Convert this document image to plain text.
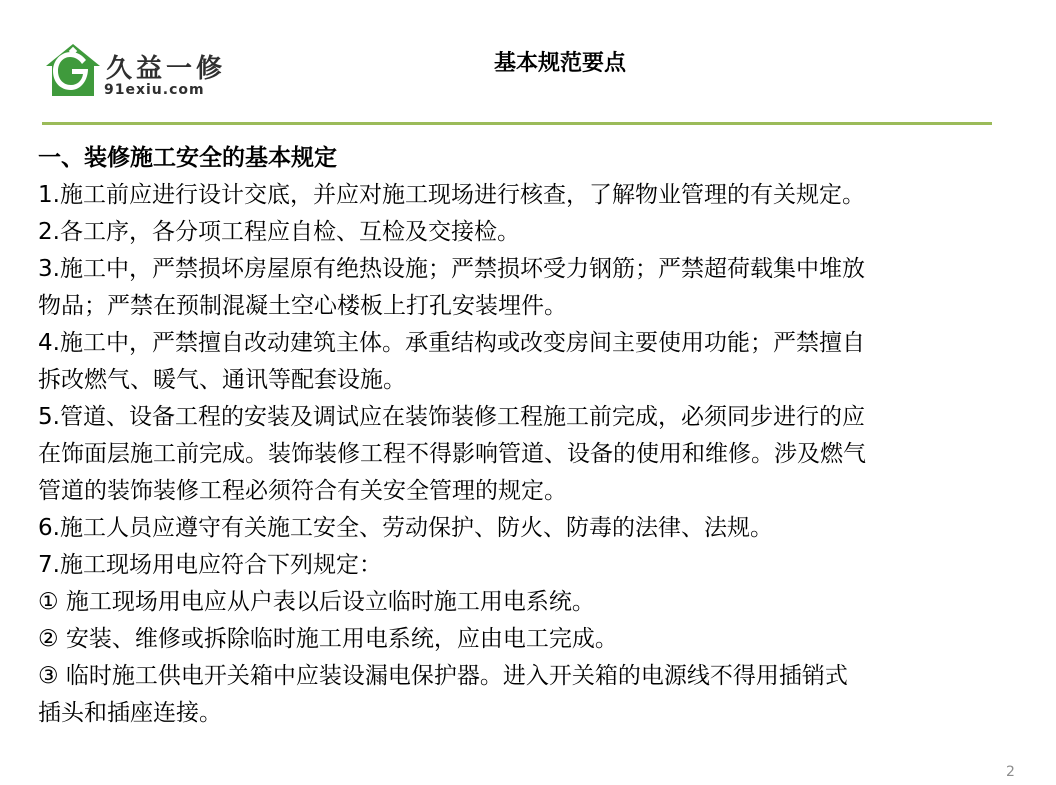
久益一修
91exiu.com
基本规范要点
一、装修施工安全的基本规定
1.施工前应进行设计交底，并应对施工现场进行核查，了解物业管理的有关规定。
2.各工序，各分项工程应自检、互检及交接检。
3.施工中，严禁损坏房屋原有绝热设施；严禁损坏受力钢筋；严禁超荷载集中堆放
物品；严禁在预制混凝土空心楼板上打孔安装埋件。
4.施工中，严禁擅自改动建筑主体。承重结构或改变房间主要使用功能；严禁擅自
拆改燃气、暖气、通讯等配套设施。
5.管道、设备工程的安装及调试应在装饰装修工程施工前完成，必须同步进行的应
在饰面层施工前完成。装饰装修工程不得影响管道、设备的使用和维修。涉及燃气
管道的装饰装修工程必须符合有关安全管理的规定。
6.施工人员应遵守有关施工安全、劳动保护、防火、防毒的法律、法规。
7.施工现场用电应符合下列规定：
① 施工现场用电应从户表以后设立临时施工用电系统。
② 安装、维修或拆除临时施工用电系统，应由电工完成。
③ 临时施工供电开关箱中应装设漏电保护器。进入开关箱的电源线不得用插销式
插头和插座连接。
2
